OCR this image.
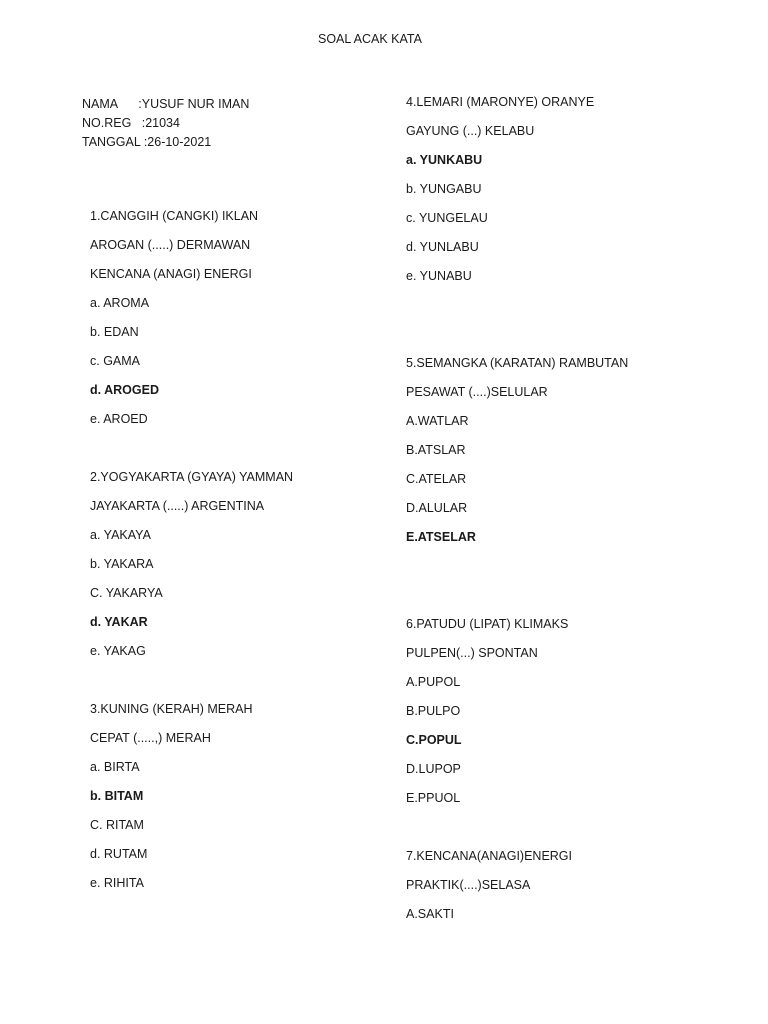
SOAL ACAK KATA
NAMA      :YUSUF NUR IMAN
NO.REG   :21034
TANGGAL :26-10-2021
1.CANGGIH (CANGKI) IKLAN
AROGAN (.....) DERMAWAN
KENCANA (ANAGI) ENERGI
a. AROMA
b. EDAN
c. GAMA
d. AROGED
e. AROED
2.YOGYAKARTA (GYAYA) YAMMAN
JAYAKARTA (.....) ARGENTINA
a. YAKAYA
b. YAKARA
C. YAKARYA
d. YAKAR
e. YAKAG
3.KUNING (KERAH) MERAH
CEPAT (.....,) MERAH
a. BIRTA
b. BITAM
C. RITAM
d. RUTAM
e. RIHITA
4.LEMARI (MARONYE) ORANYE
GAYUNG (...) KELABU
a. YUNKABU
b. YUNGABU
c. YUNGELAU
d. YUNLABU
e. YUNABU
5.SEMANGKA (KARATAN) RAMBUTAN
PESAWAT (....)SELULAR
A.WATLAR
B.ATSLAR
C.ATELAR
D.ALULAR
E.ATSELAR
6.PATUDU (LIPAT) KLIMAKS
PULPEN(...) SPONTAN
A.PUPOL
B.PULPO
C.POPUL
D.LUPOP
E.PPUOL
7.KENCANA(ANAGI)ENERGI
PRAKTIK(....)SELASA
A.SAKTI
